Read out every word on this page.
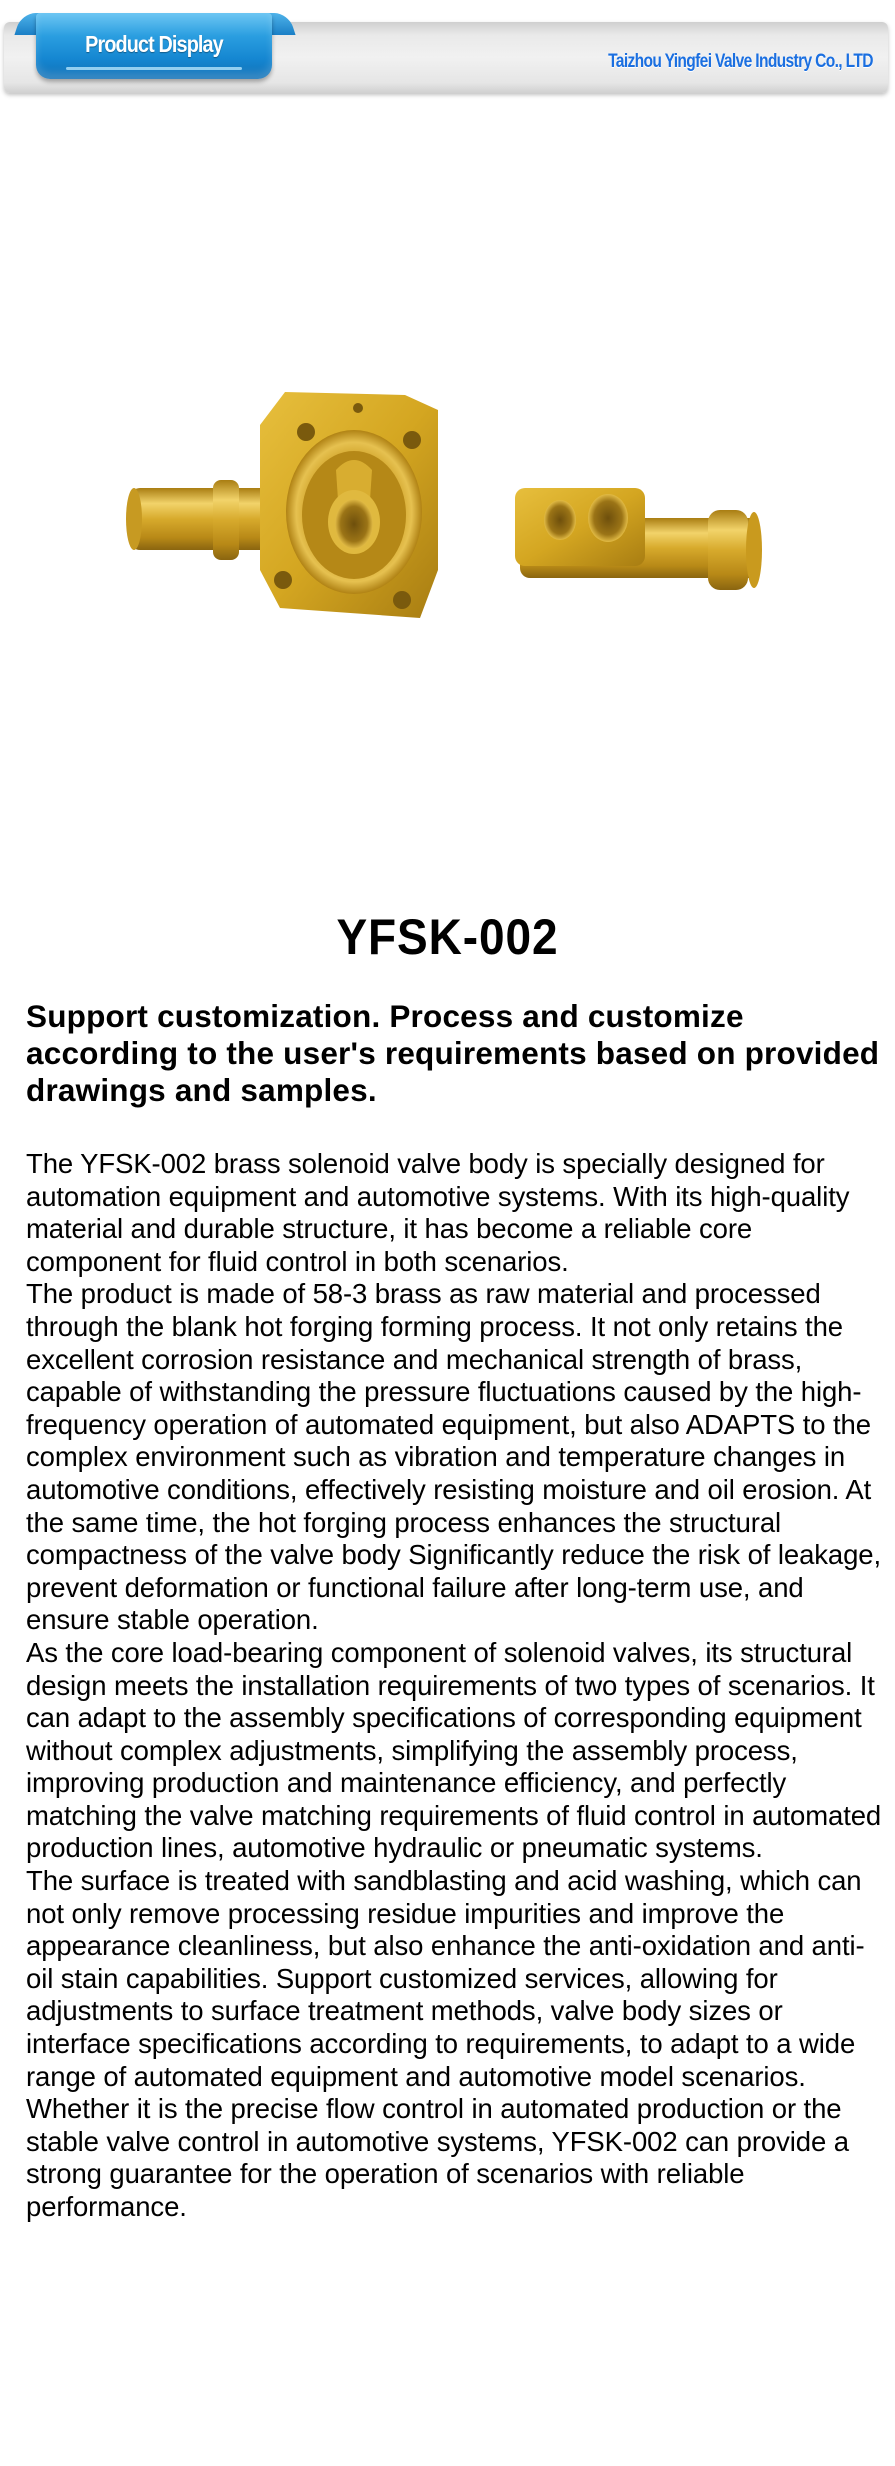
Product Display
Taizhou Yingfei Valve Industry Co., LTD
YFSK-002
Support customization. Process and customize according to the user's requirements based on provided drawings and samples.

The YFSK-002 brass solenoid valve body is specially designed for automation equipment and automotive systems. With its high-quality material and durable structure, it has become a reliable core component for fluid control in both scenarios.

The product is made of 58-3 brass as raw material and processed through the blank hot forging forming process. It not only retains the excellent corrosion resistance and mechanical strength of brass, capable of withstanding the pressure fluctuations caused by the high-frequency operation of automated equipment, but also ADAPTS to the complex environment such as vibration and temperature changes in automotive conditions, effectively resisting moisture and oil erosion. At the same time, the hot forging process enhances the structural compactness of the valve body Significantly reduce the risk of leakage, prevent deformation or functional failure after long-term use, and ensure stable operation.

As the core load-bearing component of solenoid valves, its structural design meets the installation requirements of two types of scenarios. It can adapt to the assembly specifications of corresponding equipment without complex adjustments, simplifying the assembly process, improving production and maintenance efficiency, and perfectly matching the valve matching requirements of fluid control in automated production lines, automotive hydraulic or pneumatic systems.

The surface is treated with sandblasting and acid washing, which can not only remove processing residue impurities and improve the appearance cleanliness, but also enhance the anti-oxidation and anti-oil stain capabilities. Support customized services, allowing for adjustments to surface treatment methods, valve body sizes or interface specifications according to requirements, to adapt to a wide range of automated equipment and automotive model scenarios.

Whether it is the precise flow control in automated production or the stable valve control in automotive systems, YFSK-002 can provide a strong guarantee for the operation of scenarios with reliable performance.
